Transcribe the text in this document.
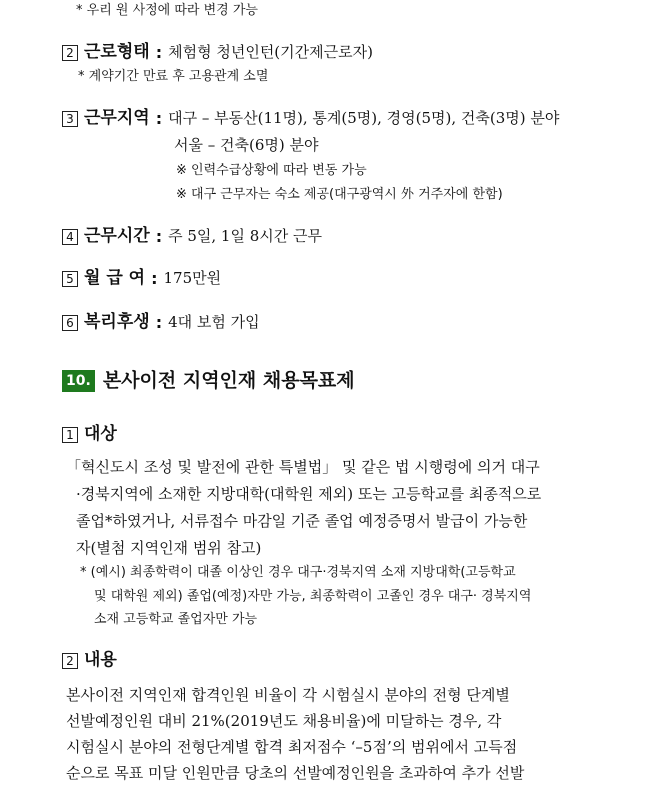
* 우리 원 사정에 따라 변경 가능
2 근로형태 : 체험형 청년인턴(기간제근로자)
* 계약기간 만료 후 고용관계 소멸
3 근무지역 : 대구 – 부동산(11명), 통계(5명), 경영(5명), 건축(3명) 분야
서울 – 건축(6명) 분야
※ 인력수급상황에 따라 변동 가능
※ 대구 근무자는 숙소 제공(대구광역시 外 거주자에 한함)
4 근무시간 : 주 5일, 1일 8시간 근무
5 월 급 여 : 175만원
6 복리후생 : 4대 보험 가입
10. 본사이전 지역인재 채용목표제
1 대상
「혁신도시 조성 및 발전에 관한 특별법」 및 같은 법 시행령에 의거 대구
·경북지역에 소재한 지방대학(대학원 제외) 또는 고등학교를 최종적으로
졸업*하였거나, 서류접수 마감일 기준 졸업 예정증명서 발급이 가능한
자(별첨 지역인재 범위 참고)
* (예시) 최종학력이 대졸 이상인 경우 대구·경북지역 소재 지방대학(고등학교
및 대학원 제외) 졸업(예정)자만 가능, 최종학력이 고졸인 경우 대구· 경북지역
소재 고등학교 졸업자만 가능
2 내용
본사이전 지역인재 합격인원 비율이 각 시험실시 분야의 전형 단계별
선발예정인원 대비 21%(2019년도 채용비율)에 미달하는 경우, 각
시험실시 분야의 전형단계별 합격 최저점수 ‘–5점’의 범위에서 고득점
순으로 목표 미달 인원만큼 당초의 선발예정인원을 초과하여 추가 선발
